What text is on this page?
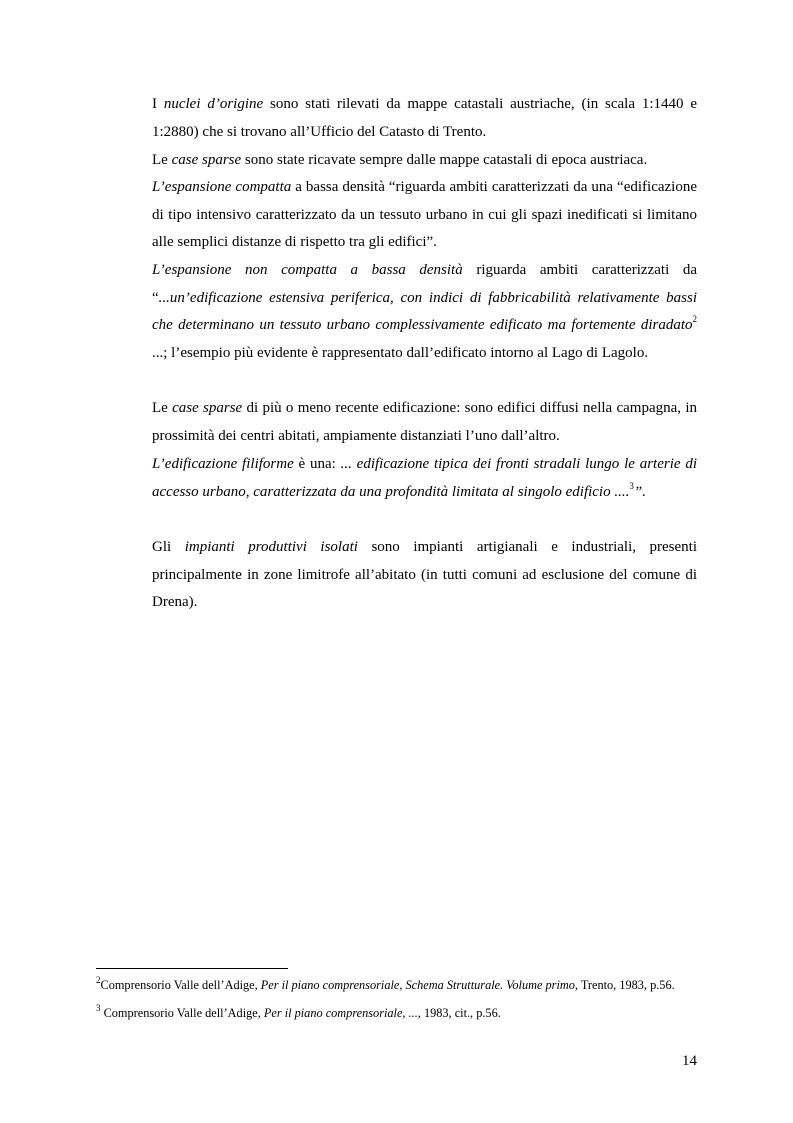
I nuclei d’origine sono stati rilevati da mappe catastali austriache, (in scala 1:1440 e 1:2880) che si trovano all’Ufficio del Catasto di Trento.

Le case sparse sono state ricavate sempre dalle mappe catastali di epoca austriaca.

L’espansione compatta a bassa densità “riguarda ambiti caratterizzati da una “edificazione di tipo intensivo caratterizzato da un tessuto urbano in cui gli spazi inedificati si limitano alle semplici distanze di rispetto tra gli edifici”.

L’espansione non compatta a bassa densità riguarda ambiti caratterizzati da “...un’edificazione estensiva periferica, con indici di fabbricabilità relativamente bassi che determinano un tessuto urbano complessivamente edificato ma fortemente diradato$^2$ ...; l’esempio più evidente è rappresentato dall’edificato intorno al Lago di Lagolo.

Le case sparse di più o meno recente edificazione: sono edifici diffusi nella campagna, in prossimità dei centri abitati, ampiamente distanziati l’uno dall’altro.

L’edificazione filiforme è una: ... edificazione tipica dei fronti stradali lungo le arterie di accesso urbano, caratterizzata da una profondità limitata al singolo edificio ....$^3$”.

Gli impianti produttivi isolati sono impianti artigianali e industriali, presenti principalmente in zone limitrofe all’abitato (in tutti comuni ad esclusione del comune di Drena).

$^2$Comprensorio Valle dell’Adige, Per il piano comprensoriale, Schema Strutturale. Volume primo, Trento, 1983, p.56.

$^3$ Comprensorio Valle dell’Adige, Per il piano comprensoriale, ..., 1983, cit., p.56.

14
